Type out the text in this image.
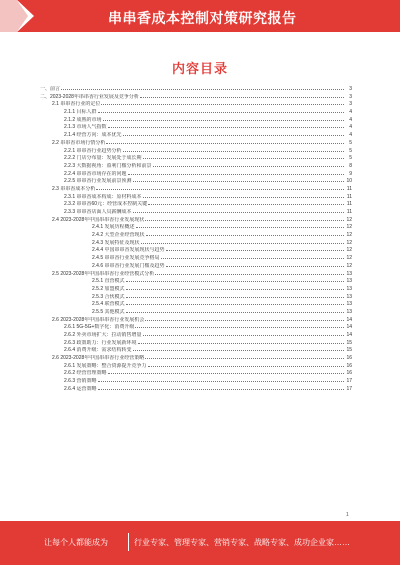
串串香成本控制对策研究报告
内容目录
一、前言	3
二、2023-2028年串串香行业发展及竞争分析	3
2.1 串串香行业的定位	3
2.1.1 目标人群	4
2.1.2 成熟的市场	4
2.1.3 市场人气指数	4
2.1.4 经营方向：成本优先	4
2.2 串串香市场行情分析	5
2.2.1 串串香行业趋势分析	5
2.2.2 门店分布量：发展处于成长期	5
2.2.3 大数据视角：盈利门槛分析和前景	8
2.2.4 串串香市场存在的问题	9
2.2.5 串串香行业发展前景预测	10
2.3 串串香成本分析	11
2.3.1 串串香成本构成：原材料成本	11
2.3.2 串串香60元：经营成本控制关键	11
2.3.3 串串香店面人员薪酬成本	11
2.4 2023-2028年中国串串香行业发展现状	12
2.4.1 发展历程概述	12
2.4.2 大型企业经营现状	12
2.4.3 发展特征及现状	12
2.4.4 中国串串香发展现状与趋势	12
2.4.5 串串香行业发展竞争格局	12
2.4.6 串串香行业发展门槛及趋势	12
2.5 2023-2028年中国串串香行业经营模式分析	13
2.5.1 直营模式	13
2.5.2 加盟模式	13
2.5.3 合伙模式	13
2.5.4 联营模式	13
2.5.5 其他模式	13
2.6 2023-2028年中国串串香行业发展机会	14
2.6.1 5G-5G+数字化：消费升级	14
2.6.2 外卖市场扩大：拉动销售增量	14
2.6.3 政策助力：行业发展新环境	15
2.6.4 消费升级：需求结构转变	15
2.6 2023-2028年中国串串香行业经营策略	16
2.6.1 发展策略：整合资源提升竞争力	16
2.6.2 经营管理策略	16
2.6.3 营销策略	17
2.6.4 运营策略	17
1
让每个人都能成为	行业专家、管理专家、营销专家、战略专家、成功企业家……
